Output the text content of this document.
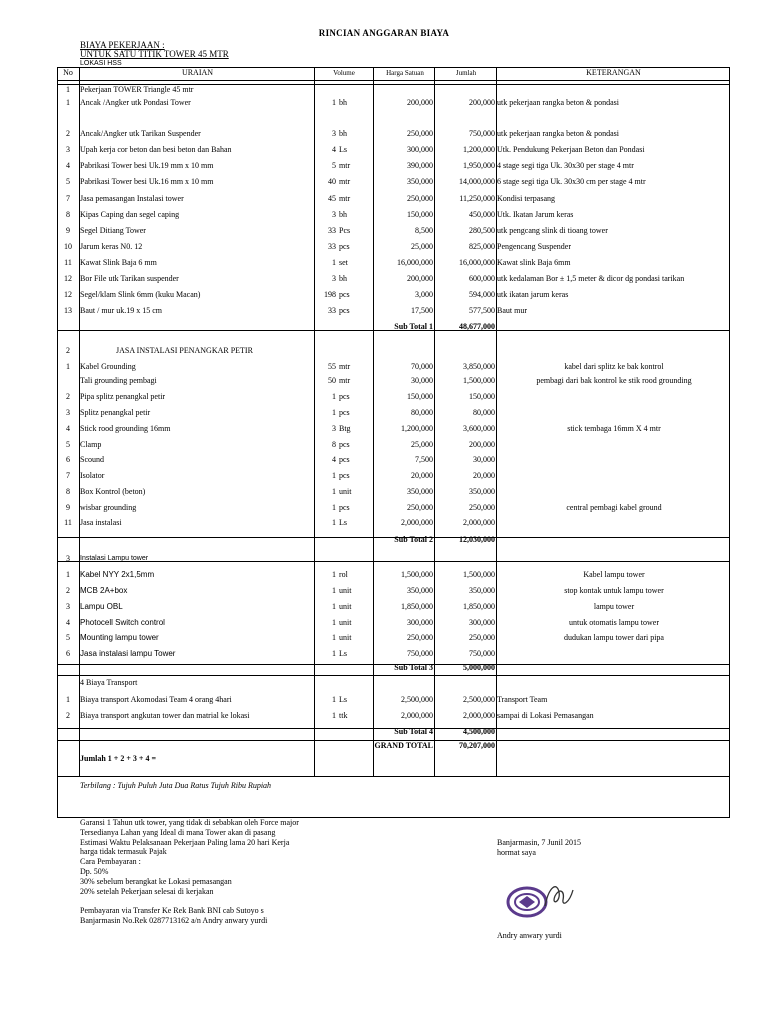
RINCIAN ANGGARAN BIAYA
BIAYA PEKERJAAN :
UNTUK SATU TITIK TOWER 45 MTR
LOKASI HSS
No	URAIAN	Volume	Harga Satuan	Jumlah	KETERANGAN
1	Pekerjaan TOWER Triangle 45 mtr
1	Ancak /Angker utk Pondasi Tower	1 bh	200,000	200,000 utk pekerjaan rangka beton & pondasi
2	Ancak/Angker utk Tarikan Suspender	3 bh	250,000	750,000 utk pekerjaan rangka beton & pondasi
3	Upah kerja cor beton dan besi beton dan Bahan	4 Ls	300,000	1,200,000 Utk. Pendukung Pekerjaan Beton dan Pondasi
4	Pabrikasi Tower besi Uk.19 mm x 10 mm	5 mtr	390,000	1,950,000 4 stage segi tiga Uk. 30x30 per stage 4 mtr
5	Pabrikasi Tower besi Uk.16 mm x 10 mm	40 mtr	350,000	14,000,000 6 stage segi tiga Uk. 30x30 cm per stage 4 mtr
7	Jasa pemasangan Instalasi tower	45 mtr	250,000	11,250,000 Kondisi terpasang
8	Kipas Caping dan segel caping	3 bh	150,000	450,000 Utk. Ikatan Jarum keras
9	Segel Ditiang Tower	33 Pcs	8,500	280,500 utk pengcang slink di tioang tower
10	Jarum keras N0. 12	33 pcs	25,000	825,000 Pengencang Suspender
11	Kawat Slink Baja 6 mm	1 set	16,000,000	16,000,000 Kawat slink Baja 6mm
12	Bor File utk Tarikan suspender	3 bh	200,000	600,000 utk kedalaman Bor ± 1,5 meter & dicor dg pondasi tarikan
12	Segel/klam Slink 6mm (kuku Macan)	198 pcs	3,000	594,000 utk ikatan jarum keras
13	Baut / mur uk.19 x 15 cm	33 pcs	17,500	577,500 Baut mur
Sub Total 1	48,677,000
2	JASA INSTALASI PENANGKAR PETIR
1	Kabel Grounding	55 mtr	70,000	3,850,000	kabel dari splitz ke bak kontrol
Tali grounding pembagi	50 mtr	30,000	1,500,000	pembagi dari bak kontrol ke stik rood grounding
2	Pipa splitz penangkal petir	1 pcs	150,000	150,000
3	Splitz penangkal petir	1 pcs	80,000	80,000
4	Stick rood grounding 16mm	3 Btg	1,200,000	3,600,000	stick tembaga 16mm X 4 mtr
5	Clamp	8 pcs	25,000	200,000
6	Scound	4 pcs	7,500	30,000
7	Isolator	1 pcs	20,000	20,000
8	Box Kontrol (beton)	1 unit	350,000	350,000
9	wisbar grounding	1 pcs	250,000	250,000	central pembagi kabel ground
11	Jasa instalasi	1 Ls	2,000,000	2,000,000
Sub Total 2	12,030,000
3	Instalasi Lampu tower
1	Kabel NYY 2x1,5mm	1 rol	1,500,000	1,500,000	Kabel lampu tower
2	MCB 2A+box	1 unit	350,000	350,000	stop kontak untuk lampu tower
3	Lampu OBL	1 unit	1,850,000	1,850,000	lampu tower
4	Photocell Switch control	1 unit	300,000	300,000	untuk otomatis lampu tower
5	Mounting lampu tower	1 unit	250,000	250,000	dudukan lampu tower dari pipa
6	Jasa instalasi lampu Tower	1 Ls	750,000	750,000
Sub Total 3	5,000,000
4 Biaya Transport
1	Biaya transport Akomodasi Team 4 orang 4hari	1 Ls	2,500,000	2,500,000 Transport Team
2	Biaya transport angkutan tower dan matrial ke lokasi	1 ttk	2,000,000	2,000,000 sampai di Lokasi Pemasangan
Sub Total 4	4,500,000
GRAND TOTAL	70,207,000
Jumlah 1 + 2 + 3 + 4 =
Terbilang : Tujuh Puluh Juta Dua Ratus Tujuh Ribu Rupiah
Garansi 1 Tahun utk tower, yang tidak di sebabkan oleh Force major
Tersedianya Lahan yang Ideal di mana Tower akan di pasang
Estimasi Waktu Pelaksanaan Pekerjaan Paling lama 20 hari Kerja
harga tidak termasuk Pajak
Cara Pembayaran :
Dp. 50%
30% sebelum berangkat ke Lokasi pemasangan
20% setelah Pekerjaan selesai di kerjakan
Pembayaran via Transfer Ke Rek Bank BNI cab Sutoyo s
Banjarmasin No.Rek 0287713162 a/n Andry anwary yurdi
Banjarmasin, 7 Junil 2015
hormat saya
Andry anwary yurdi
